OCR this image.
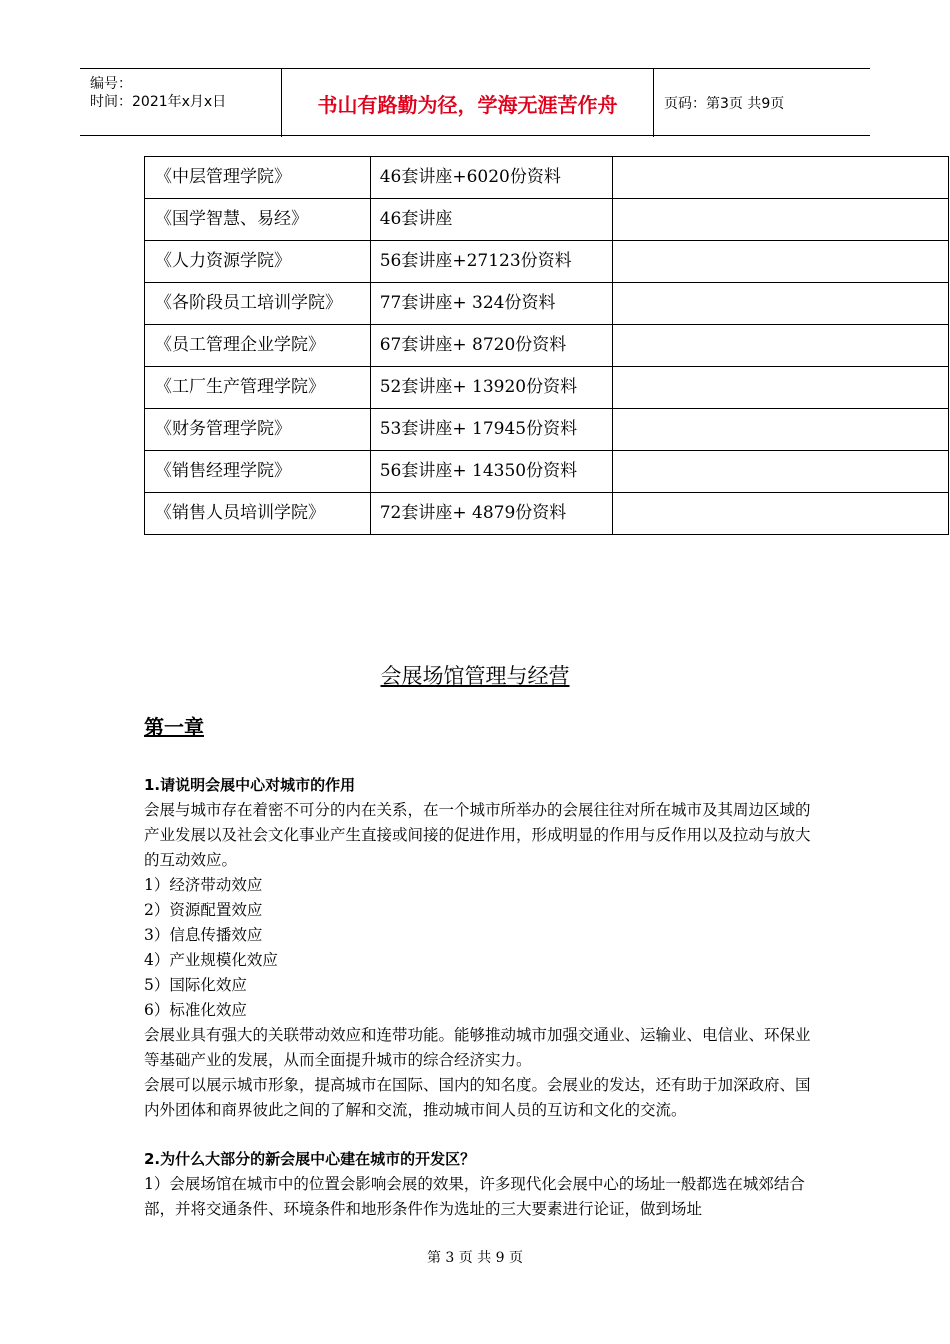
编号：
时间：2021年x月x日	书山有路勤为径，学海无涯苦作舟	页码：第3页 共9页
《中层管理学院》	46套讲座+6020份资料	
《国学智慧、易经》	46套讲座	
《人力资源学院》	56套讲座+27123份资料	
《各阶段员工培训学院》	77套讲座+ 324份资料	
《员工管理企业学院》	67套讲座+ 8720份资料	
《工厂生产管理学院》	52套讲座+ 13920份资料	
《财务管理学院》	53套讲座+ 17945份资料	
《销售经理学院》	56套讲座+ 14350份资料	
《销售人员培训学院》	72套讲座+ 4879份资料	
会展场馆管理与经营
第一章
1.请说明会展中心对城市的作用
会展与城市存在着密不可分的内在关系，在一个城市所举办的会展往往对所在城市及其周边区域的产业发展以及社会文化事业产生直接或间接的促进作用，形成明显的作用与反作用以及拉动与放大的互动效应。
1）经济带动效应
2）资源配置效应
3）信息传播效应
4）产业规模化效应
5）国际化效应
6）标准化效应
会展业具有强大的关联带动效应和连带功能。能够推动城市加强交通业、运输业、电信业、环保业等基础产业的发展，从而全面提升城市的综合经济实力。
会展可以展示城市形象，提高城市在国际、国内的知名度。会展业的发达，还有助于加深政府、国内外团体和商界彼此之间的了解和交流，推动城市间人员的互访和文化的交流。
2.为什么大部分的新会展中心建在城市的开发区？
1）会展场馆在城市中的位置会影响会展的效果，许多现代化会展中心的场址一般都选在城郊结合部，并将交通条件、环境条件和地形条件作为选址的三大要素进行论证，做到场址
第 3 页 共 9 页
